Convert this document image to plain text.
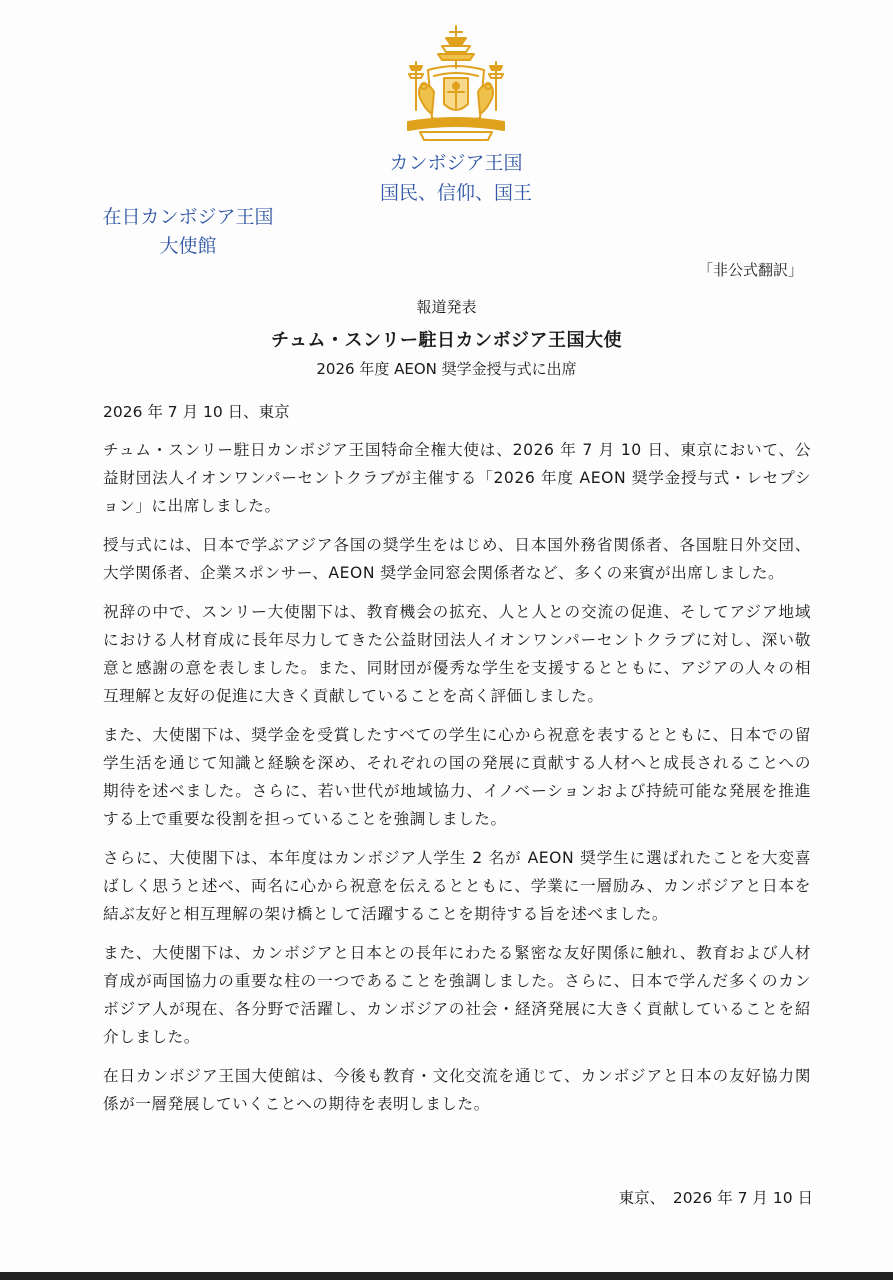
カンボジア王国
国民、信仰、国王
在日カンボジア王国
大使館
「非公式翻訳」
報道発表
チュム・スンリー駐日カンボジア王国大使
2026 年度 AEON 奨学金授与式に出席
2026 年 7 月 10 日、東京

チュム・スンリー駐日カンボジア王国特命全権大使は、2026 年 7 月 10 日、東京において、公益財団法人イオンワンパーセントクラブが主催する「2026 年度 AEON 奨学金授与式・レセプション」に出席しました。

授与式には、日本で学ぶアジア各国の奨学生をはじめ、日本国外務省関係者、各国駐日外交団、大学関係者、企業スポンサー、AEON 奨学金同窓会関係者など、多くの来賓が出席しました。

祝辞の中で、スンリー大使閣下は、教育機会の拡充、人と人との交流の促進、そしてアジア地域における人材育成に長年尽力してきた公益財団法人イオンワンパーセントクラブに対し、深い敬意と感謝の意を表しました。また、同財団が優秀な学生を支援するとともに、アジアの人々の相互理解と友好の促進に大きく貢献していることを高く評価しました。

また、大使閣下は、奨学金を受賞したすべての学生に心から祝意を表するとともに、日本での留学生活を通じて知識と経験を深め、それぞれの国の発展に貢献する人材へと成長されることへの期待を述べました。さらに、若い世代が地域協力、イノベーションおよび持続可能な発展を推進する上で重要な役割を担っていることを強調しました。

さらに、大使閣下は、本年度はカンボジア人学生 2 名が AEON 奨学生に選ばれたことを大変喜ばしく思うと述べ、両名に心から祝意を伝えるとともに、学業に一層励み、カンボジアと日本を結ぶ友好と相互理解の架け橋として活躍することを期待する旨を述べました。

また、大使閣下は、カンボジアと日本との長年にわたる緊密な友好関係に触れ、教育および人材育成が両国協力の重要な柱の一つであることを強調しました。さらに、日本で学んだ多くのカンボジア人が現在、各分野で活躍し、カンボジアの社会・経済発展に大きく貢献していることを紹介しました。

在日カンボジア王国大使館は、今後も教育・文化交流を通じて、カンボジアと日本の友好協力関係が一層発展していくことへの期待を表明しました。

東京、　2026 年 7 月 10 日
